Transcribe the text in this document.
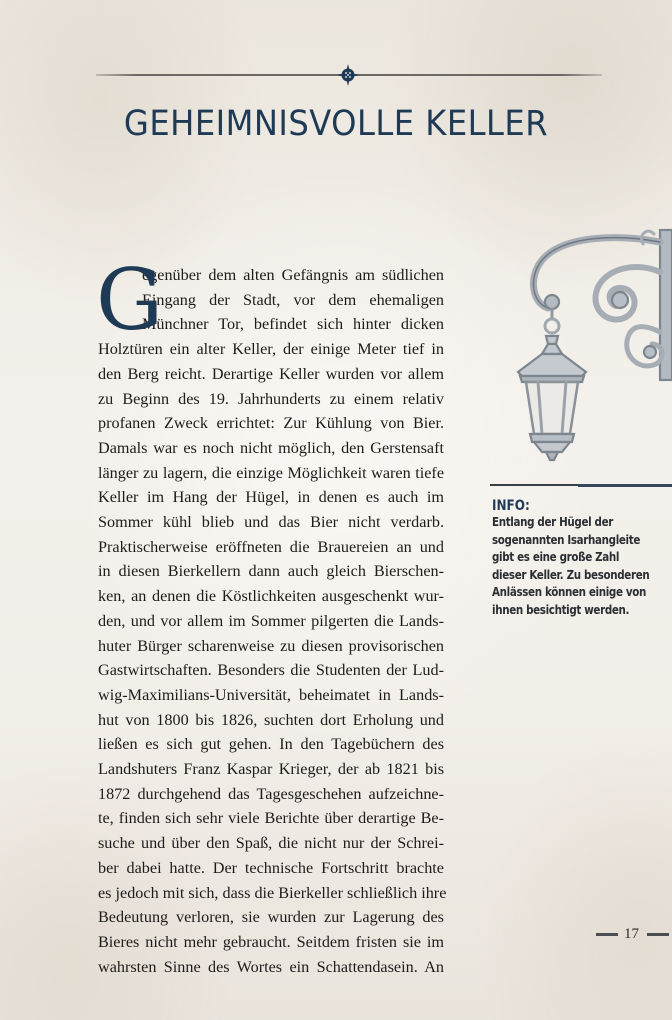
GEHEIMNISVOLLE KELLER
G
egenüber dem alten Gefängnis am südlichen
Eingang der Stadt, vor dem ehemaligen
Münchner Tor, befindet sich hinter dicken
Holztüren ein alter Keller, der einige Meter tief in
den Berg reicht. Derartige Keller wurden vor allem
zu Beginn des 19. Jahrhunderts zu einem relativ
profanen Zweck errichtet: Zur Kühlung von Bier.
Damals war es noch nicht möglich, den Gerstensaft
länger zu lagern, die einzige Möglichkeit waren tiefe
Keller im Hang der Hügel, in denen es auch im
Sommer kühl blieb und das Bier nicht verdarb.
Praktischerweise eröffneten die Brauereien an und
in diesen Bierkellern dann auch gleich Bierschen-
ken, an denen die Köstlichkeiten ausgeschenkt wur-
den, und vor allem im Sommer pilgerten die Lands-
huter Bürger scharenweise zu diesen provisorischen
Gastwirtschaften. Besonders die Studenten der Lud-
wig-Maximilians-Universität, beheimatet in Lands-
hut von 1800 bis 1826, suchten dort Erholung und
ließen es sich gut gehen. In den Tagebüchern des
Landshuters Franz Kaspar Krieger, der ab 1821 bis
1872 durchgehend das Tagesgeschehen aufzeichne-
te, finden sich sehr viele Berichte über derartige Be-
suche und über den Spaß, die nicht nur der Schrei-
ber dabei hatte. Der technische Fortschritt brachte
es jedoch mit sich, dass die Bierkeller schließlich ihre
Bedeutung verloren, sie wurden zur Lagerung des
Bieres nicht mehr gebraucht. Seitdem fristen sie im
wahrsten Sinne des Wortes ein Schattendasein. An
INFO:
Entlang der Hügel der
sogenannten Isarhangleite
gibt es eine große Zahl
dieser Keller. Zu besonderen
Anlässen können einige von
ihnen besichtigt werden.
17
